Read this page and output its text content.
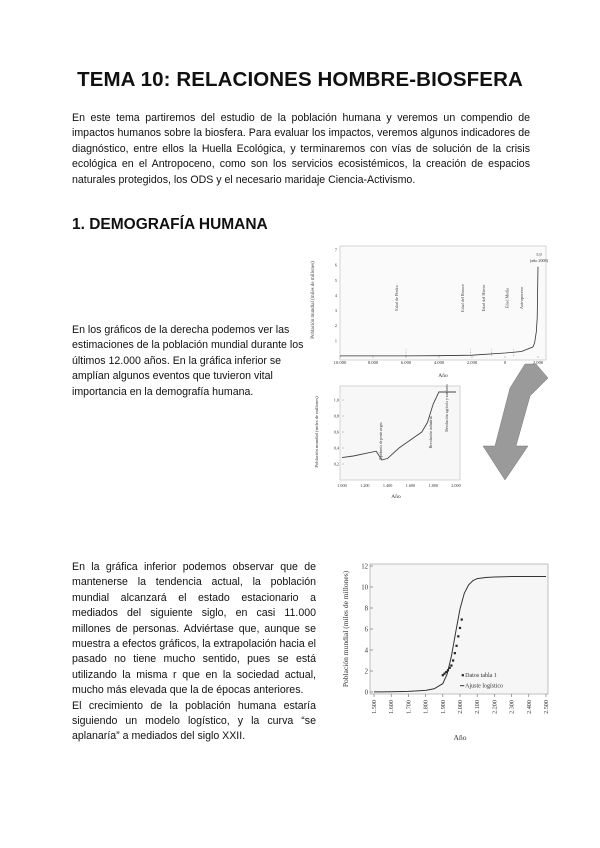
TEMA 10: RELACIONES HOMBRE-BIOSFERA
En este tema partiremos del estudio de la población humana y veremos un compendio de impactos humanos sobre la biosfera. Para evaluar los impactos, veremos algunos indicadores de diagnóstico, entre ellos la Huella Ecológica, y terminaremos con vías de solución de la crisis ecológica en el Antropoceno, como son los servicios ecosistémicos, la creación de espacios naturales protegidos, los ODS y el necesario maridaje Ciencia-Activismo.
1. DEMOGRAFÍA HUMANA
En los gráficos de la derecha podemos ver las estimaciones de la población mundial durante los últimos 12.000 años. En la gráfica inferior se amplían algunos eventos que tuvieron vital importancia en la demografía humana.
En la gráfica inferior podemos observar que de mantenerse la tendencia actual, la población mundial alcanzará el estado estacionario a mediados del siguiente siglo, en casi 11.000 millones de personas. Adviértase que, aunque se muestra a efectos gráficos, la extrapolación hacia el pasado no tiene mucho sentido, pues se está utilizando la misma r que en la sociedad actual, mucho más elevada que la de épocas anteriores.
El crecimiento de la población humana estaría siguiendo un modelo logístico, y la curva “se aplanaría” a mediados del siglo XXII.
10.000	8.000	6.000	4.000	2.000	0	2.000
7
6
5
4
3
2
1
Edad de Piedra	Edad del Bronce	Edad del Hierro	Edad Media Antropoceno
5,9
(año 2000)
Población mundial (miles de millones)
Año
1.000	1.200	1.400	1.600	1.800	2.000
1,0
0,8
0,6
0,4
0,2
Epidemia de peste negra	Revolución industrial
Revolución agrícola y sanitaria
Población mundial (miles de millones)
Año
1.500 1.600 1.700 1.800 1.900 2.000 2.100 2.200 2.300 2.400 2.500
12
10
8
6
4
2
0
Datos tabla 1
Ajuste logístico
Población mundial (miles de millones)
Año
